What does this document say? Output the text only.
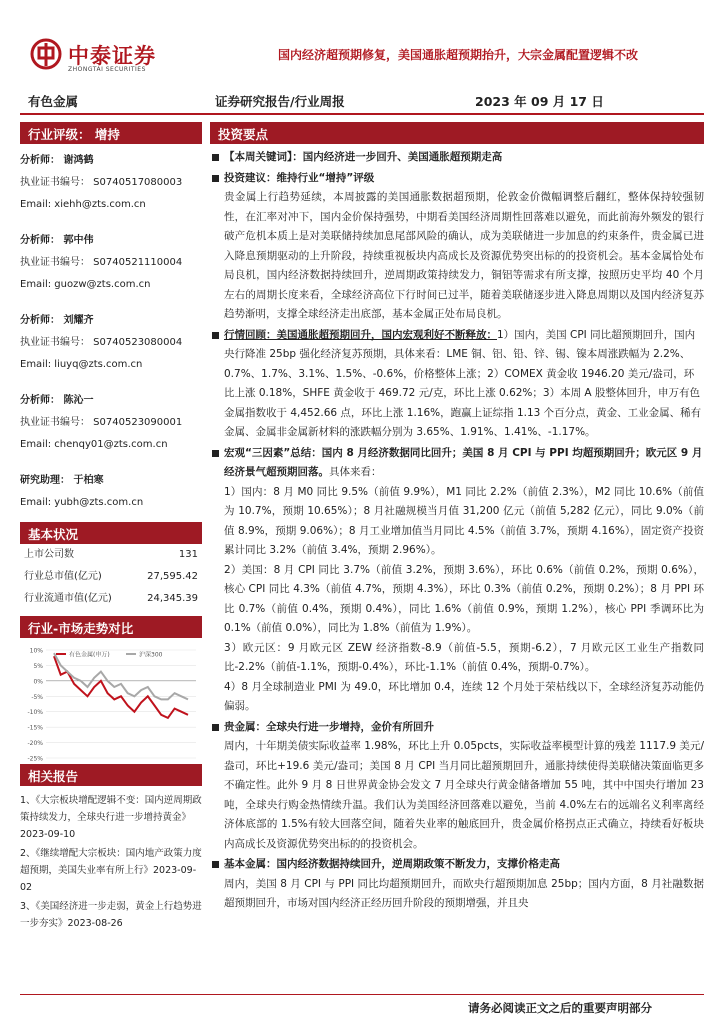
中泰证券
ZHONGTAI SECURITIES
国内经济超预期修复，美国通胀超预期抬升，大宗金属配置逻辑不改
有色金属	证券研究报告/行业周报	2023 年 09 月 17 日
行业评级： 增持
分析师： 谢鸿鹤
执业证书编号： S0740517080003
Email: xiehh@zts.com.cn
分析师： 郭中伟
执业证书编号： S0740521110004
Email: guozw@zts.com.cn
分析师： 刘耀齐
执业证书编号： S0740523080004
Email: liuyq@zts.com.cn
分析师： 陈沁一
执业证书编号： S0740523090001
Email: chenqy01@zts.com.cn
研究助理： 于柏寒
Email: yubh@zts.com.cn
基本状况
上市公司数	131
行业总市值(亿元)	27,595.42
行业流通市值(亿元)	24,345.39
行业-市场走势对比
10%
5%
0%
-5%
-10%
-15%
-20%
-25%
有色金属(申万)	沪深300
相关报告

1、《大宗板块增配逻辑不变：国内逆周期政策持续发力，全球央行进一步增持黄金》2023-09-10

2、《继续增配大宗板块：国内地产政策力度超预期，美国失业率有所上行》2023-09-02

3、《美国经济进一步走弱，黄金上行趋势进一步夯实》2023-08-26

投资要点
【本周关键词】：国内经济进一步回升、美国通胀超预期走高
投资建议：维持行业“增持”评级
贵金属上行趋势延续，本周披露的美国通胀数据超预期，伦敦金价微幅调整后翻红，整体保持较强韧性，在汇率对冲下，国内金价保持强势，中期看美国经济周期性回落难以避免，而此前海外频发的银行破产危机本质上是对美联储持续加息尾部风险的确认，成为美联储进一步加息的约束条件，贵金属已进入降息预期驱动的上升阶段，持续重视板块内高成长及资源优势突出标的的投资机会。基本金属恰处布局良机，国内经济数据持续回升，逆周期政策持续发力，铜铝等需求有所支撑，按照历史平均 40 个月左右的周期长度来看，全球经济高位下行时间已过半，随着美联储逐步进入降息周期以及国内经济复苏趋势渐明，支撑全球经济走出底部，基本金属正处布局良机。
行情回顾：美国通胀超预期回升，国内宏观利好不断释放：1）国内，美国 CPI 同比超预期回升，国内央行降准 25bp 强化经济复苏预期，具体来看：LME 铜、铝、铅、锌、锡、镍本周涨跌幅为 2.2%、0.7%、1.7%、3.1%、1.5%、-0.6%，价格整体上涨；2）COMEX 黄金收 1946.20 美元/盎司，环比上涨 0.18%，SHFE 黄金收于 469.72 元/克，环比上涨 0.62%；3）本周 A 股整体回升，申万有色金属指数收于 4,452.66 点，环比上涨 1.16%，跑赢上证综指 1.13 个百分点，黄金、工业金属、稀有金属、金属非金属新材料的涨跌幅分别为 3.65%、1.91%、1.41%、-1.17%。
宏观“三因素”总结：国内 8 月经济数据同比回升；美国 8 月 CPI 与 PPI 均超预期回升；欧元区 9 月经济景气超预期回落。具体来看：
1）国内：8 月 M0 同比 9.5%（前值 9.9%），M1 同比 2.2%（前值 2.3%），M2 同比 10.6%（前值为 10.7%，预期 10.65%）；8 月社融规模当月值 31,200 亿元（前值 5,282 亿元），同比 9.0%（前值 8.9%，预期 9.06%）；8 月工业增加值当月同比 4.5%（前值 3.7%，预期 4.16%），固定资产投资累计同比 3.2%（前值 3.4%，预期 2.96%）。
2）美国：8 月 CPI 同比 3.7%（前值 3.2%，预期 3.6%），环比 0.6%（前值 0.2%，预期 0.6%），核心 CPI 同比 4.3%（前值 4.7%，预期 4.3%），环比 0.3%（前值 0.2%，预期 0.2%）；8 月 PPI 环比 0.7%（前值 0.4%，预期 0.4%），同比 1.6%（前值 0.9%，预期 1.2%），核心 PPI 季调环比为 0.1%（前值 0.0%），同比为 1.8%（前值为 1.9%）。
3）欧元区：9 月欧元区 ZEW 经济指数-8.9（前值-5.5，预期-6.2），7 月欧元区工业生产指数同比-2.2%（前值-1.1%，预期-0.4%），环比-1.1%（前值 0.4%，预期-0.7%）。
4）8 月全球制造业 PMI 为 49.0，环比增加 0.4，连续 12 个月处于荣枯线以下，全球经济复苏动能仍偏弱。
贵金属：全球央行进一步增持，金价有所回升
周内，十年期美债实际收益率 1.98%，环比上升 0.05pcts，实际收益率模型计算的残差 1117.9 美元/盎司，环比+19.6 美元/盎司；美国 8 月 CPI 当月同比超预期回升，通胀持续使得美联储决策面临更多不确定性。此外 9 月 8 日世界黄金协会发文 7 月全球央行黄金储备增加 55 吨，其中中国央行增加 23 吨，全球央行购金热情续升温。我们认为美国经济回落难以避免，当前 4.0%左右的远端名义利率离经济体底部的 1.5%有较大回落空间，随着失业率的触底回升，贵金属价格拐点正式确立，持续看好板块内高成长及资源优势突出标的的投资机会。
基本金属：国内经济数据持续回升，逆周期政策不断发力，支撑价格走高
周内，美国 8 月 CPI 与 PPI 同比均超预期回升，而欧央行超预期加息 25bp；国内方面，8 月社融数据超预期回升，市场对国内经济正经历回升阶段的预期增强，并且央
请务必阅读正文之后的重要声明部分
